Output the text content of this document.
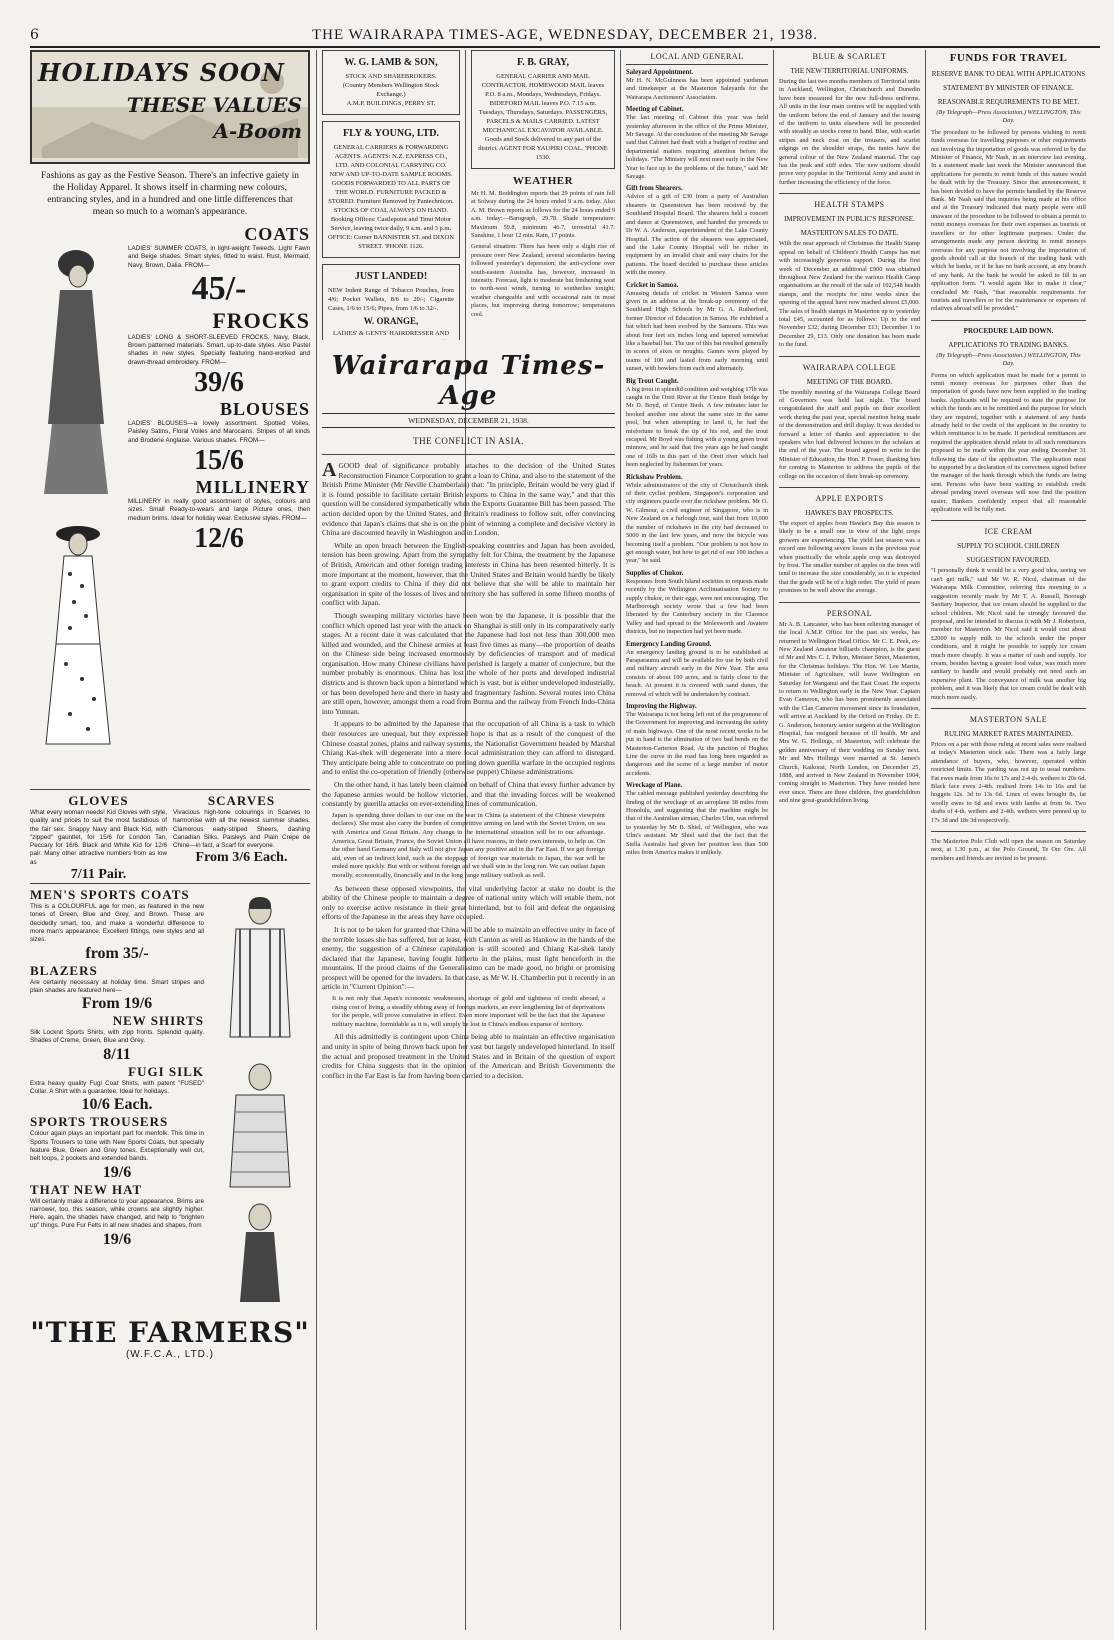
6	THE WAIRARAPA TIMES-AGE, WEDNESDAY, DECEMBER 21, 1938.
HOLIDAYS SOON
THESE VALUES A-Boom
Fashions as gay as the Festive Season. There's an infective gaiety in the Holiday Apparel. It shows itself in charming new colours, entrancing styles, and in a hundred and one little differences that mean so much to a woman's appearance.
COATS
LADIES' SUMMER COATS, in light-weight Tweeds. Light Fawn and Beige shades. Smart styles, fitted to waist. Rust, Mermaid, Navy, Brown, Dalia. FROM—
45/-
FROCKS
LADIES' LONG & SHORT-SLEEVED FROCKS, Navy, Black, Brown patterned materials. Smart, up-to-date styles. Also Pastel shades in new styles. Specially featuring hand-worked and drawn-thread embroidery. FROM—
39/6
BLOUSES
LADIES' BLOUSES—a lovely assortment. Spotted Voiles, Paisley Satins, Floral Voiles and Marocains. Stripes of all kinds and Broderie Anglaise. Various shades. FROM—
15/6
MILLINERY
MILLINERY in really good assortment of styles, colours and sizes. Small Ready-to-wears and large Picture ones, then medium brims. Ideal for holiday wear. Exclusive styles. FROM—
12/6
GLOVES
What every woman needs! Kid Gloves with style, quality and prices to suit the most fastidious of the fair sex. Snappy Navy and Black Kid, with "zipped" gauntlet, for 15/6 for London Tan, Peccary for 16/6. Black and White Kid for 12/6 pair. Many other attractive numbers from as low as
7/11 Pair.
SCARVES
Vivacious high-tone colourings in Scarves to harmonise with all the newest summer shades. Clamorous eady-striped Sheers, dashing Canadian Silks, Paisleys and Plain Crepe de Chine—in fact, a Scarf for everyone.
From 3/6 Each.
MEN'S SPORTS COATS
This is a COLOURFUL age for men, as featured in the new tones of Green, Blue and Grey, and Brown. These are decidedly smart, too, and make a wonderful difference to more man's appearance. Excellent fittings, new styles and all sizes.
from 35/-
BLAZERS
Are certainly necessary at holiday time. Smart stripes and plain shades are featured here—
From 19/6
NEW SHIRTS
Silk Locknit Sports Shirts, with zipp fronts. Splendid quality. Shades of Creme, Green, Blue and Grey.
8/11
FUGI SILK
Extra heavy quality Fugi Coat Shirts, with patent "FUSED" Collar. A Shirt with a guarantee. Ideal for holidays.
10/6 Each.
SPORTS TROUSERS
Colour again plays an important part for menfolk. This time in Sports Trousers to tone with New Sports Coats, but specially feature Blue, Green and Grey tones. Exceptionally well cut, belt loops, 2 pockets and extended bands.
19/6
THAT NEW HAT
Will certainly make a difference to your appearance. Brims are narrower, too, this season, while crowns are slightly higher. Here, again, the shades have changed, and help to "brighten up" things. Pure Fur Felts in all new shades and shapes, from
19/6
"THE FARMERS"
(W.F.C.A., LTD.)
W. G. LAMB & SON,
STOCK AND SHAREBROKERS.
(Country Members Wellington Stock Exchange.)
A.M.P. BUILDINGS, PERRY ST.
FLY & YOUNG, LTD.
GENERAL CARRIERS & FORWARDING AGENTS. AGENTS: N.Z. EXPRESS CO., LTD. AND COLONIAL CARRYING CO. NEW AND UP-TO-DATE SAMPLE ROOMS. GOODS FORWARDED TO ALL PARTS OF THE WORLD. FURNITURE PACKED & STORED. Furniture Removed by Pantechnicon. STOCKS OF COAL ALWAYS ON HAND. Booking Offices: Castlepoint and Tinui Motor Service, leaving twice daily, 9 a.m. and 3 p.m. OFFICE: Corner BANNISTER ST. and DIXON STREET. 'PHONE 1126.
JUST LANDED!
NEW Indent Range of Tobacco Pouches, from 4/6; Pocket Wallets, 8/6 to 20/-; Cigarette Cases, 1/6 to 15/6; Pipes, from 1/6 to 32/-.
W. ORANGE,
LADIES' & GENTS' HAIRDRESSER AND
F. B. GRAY,
GENERAL CARRIER AND MAIL CONTRACTOR. HOMEWOOD MAIL leaves P.O. 8 a.m., Mondays, Wednesdays, Fridays. BIDEFORD MAIL leaves P.O. 7.15 a.m. Tuesdays, Thursdays, Saturdays. PASSENGERS, PARCELS & MAILS CARRIED. LATEST MECHANICAL EXCAVATOR AVAILABLE. Goods and Stock delivered to any part of the district. AGENT FOR YAUPIRI COAL. 'PHONE 1530.
WEATHER

Mr H. M. Boddington reports that 29 points of rain fell at Solway during the 24 hours ended 9 a.m. today. Also A. M. Brown reports as follows for the 24 hours ended 9 a.m. today:—Barograph, 29.78. Shade temperature: Maximum 59.8, minimum 46.7, terrestrial 41.7. Sunshine, 1 hour 12 min. Rain, 17 points.

General situation: There has been only a slight rise of pressure over New Zealand; several secondaries having followed yesterday's depression; the anti-cyclone over south-eastern Australia has, however, increased in intensity. Forecast, light to moderate but freshening west to north-west winds, turning to southerlies tonight; weather changeable and with occasional rain in most places, but improving during tomorrow; temperatures cool.

Wairarapa Times-Age
WEDNESDAY, DECEMBER 21, 1938.
THE CONFLICT IN ASIA.

AGOOD deal of significance probably attaches to the decision of the United States Reconstruction Finance Corporation to grant a loan to China, and also to the statement of the British Prime Minister (Mr Neville Chamberlain) that: "In principle, Britain would be very glad if it is found possible to facilitate certain British exports to China in the same way," and that this question will be considered sympathetically when the Exports Guarantee Bill has been passed. The action decided upon by the United States, and Britain's readiness to follow suit, offer convincing evidence that Japan's claims that she is on the point of winning a complete and decisive victory in China are discounted heavily in Washington and in London.

While an open breach between the English-speaking countries and Japan has been avoided, tension has been growing. Apart from the sympathy felt for China, the treatment by the Japanese of British, American and other foreign trading interests in China has been resented bitterly. It is more important at the moment, however, that the United States and Britain would hardly be likely to grant export credits to China if they did not believe that she will be able to maintain her organisation in spite of the losses of lives and territory she has suffered in some fifteen months of conflict with Japan.

Though sweeping military victories have been won by the Japanese, it is possible that the conflict which opened last year with the attack on Shanghai is still only in its comparatively early stages. At a recent date it was calculated that the Japanese had lost not less than 300,000 men killed and wounded, and the Chinese armies at least five times as many—the proportion of deaths on the Chinese side being increased enormously by deficiencies of transport and of medical organisation. How many Chinese civilians have perished is largely a matter of conjecture, but the number probably is enormous. China has lost the whole of her ports and developed industrial districts and is thrown back upon a hinterland which is vast, but is either undeveloped industrially, or has been developed here and there in hasty and fragmentary fashion. Several routes into China are still open, however, amongst them a road from Burma and the railway from French Indo-China into Yunnan.

It appears to be admitted by the Japanese that the occupation of all China is a task to which their resources are unequal, but they expressed hope is that as a result of the conquest of the Chinese coastal zones, plains and railway systems, the Nationalist Government headed by Marshal Chiang Kai-shek will degenerate into a mere local administration they can afford to disregard. They anticipate being able to concentrate on putting down guerilla warfare in the occupied regions and to enlist the co-operation of friendly (otherwise puppet) Chinese administrations.

On the other hand, it has lately been claimed on behalf of China that every further advance by the Japanese armies would be hollow victories, and that the invading forces will be weakened constantly by guerilla attacks on ever-extending lines of communication.

Japan is spending three dollars to our one on the war in China (a statement of the Chinese viewpoint declares). She must also carry the burden of competitive arming on land with the Soviet Union, on sea with America and Great Britain. Any change in the international situation will be to our advantage. America, Great Britain, France, the Soviet Union all have reasons, in their own interests, to help us. On the other hand Germany and Italy will not give Japan any positive aid in the Far East. If we get foreign aid, even of an indirect kind, such as the stoppage of foreign war materials to Japan, the war will be ended more quickly. But with or without foreign aid we shall win in the long run. We can outlast Japan morally, economically, financially and in the long range military outlook as well.

As between these opposed viewpoints, the vital underlying factor at stake no doubt is the ability of the Chinese people to maintain a degree of national unity which will enable them, not only to exercise active resistance in their great hinterland, but to foil and defeat the organising efforts of the Japanese in the areas they have occupied.

It is not to be taken for granted that China will be able to maintain an effective unity in face of the terrible losses she has suffered, but at least, with Canton as well as Hankow in the hands of the enemy, the suggestion of a Chinese capitulation is still scouted and Chiang Kai-shek lately declared that the Japanese, having fought hitherto in the plains, must fight henceforth in the mountains. If the proud claims of the Generalissimo can be made good, no bright or promising prospect will be opened for the invaders. In that case, as Mr W. H. Chamberlin put it recently in an article in "Current Opinion":—

It is not only that Japan's economic weaknesses, shortage of gold and tightness of credit abroad, a rising cost of living, a steadily ebbing away of foreign markets, an ever lengthening list of deprivations for the people, will prove cumulative in effect. Even more important will be the fact that the Japanese military machine, formidable as it is, will simply be lost in China's endless expanse of territory.

All this admittedly is contingent upon China being able to maintain an effective organisation and unity in spite of being thrown back upon her vast but largely undeveloped hinterland. In itself the actual and proposed treatment in the United States and in Britain of the question of export credits for China suggests that in the opinion of the American and British Governments the conflict in the Far East is far from having been carried to a decision.

LOCAL AND GENERAL
Saleyard Appointment.

Mr H. N. McGuinness has been appointed yardsman and timekeeper at the Masterton Saleyards for the Wairarapa Auctioneers' Association.

Meeting of Cabinet.

The last meeting of Cabinet this year was held yesterday afternoon in the office of the Prime Minister, Mr Savage. At the conclusion of the meeting Mr Savage said that Cabinet had dealt with a budget of routine and departmental matters requiring attention before the holidays. "The Ministry will next meet early in the New Year to face up to the problems of the future," said Mr Savage.

Gift from Shearers.

Advice of a gift of £30 from a party of Australian shearers in Queenstown has been received by the Southland Hospital Board. The shearers held a concert and dance at Queenstown, and handed the proceeds to Dr W. A. Anderson, superintendent of the Lake County Hospital. The action of the shearers was appreciated, and the Lake County Hospital will be richer in equipment by an invalid chair and easy chairs for the patients. The board decided to purchase these articles with the money.

Cricket in Samoa.

Amusing details of cricket in Western Samoa were given in an address at the break-up ceremony of the Southland High Schools by Mr G. A. Rutherford, former Director of Education in Samoa. He exhibited a bat which had been evolved by the Samoans. This was about four feet six inches long and tapered somewhat like a baseball bat. The use of this bat resulted generally in scores of sixes or noughts. Games were played by teams of 100 and lasted from early morning until sunset, with bowlers from each end alternately.

Big Trout Caught.

A big trout in splendid condition and weighing 17lb was caught in the Oreti River at the Centre Bush bridge by Mr D. Boyd, of Centre Bush. A few minutes later he hooked another one about the same size in the same pool, but when attempting to land it, he had the misfortune to break the tip of his rod, and the trout escaped. Mr Boyd was fishing with a young green trout minnow, and he said that five years ago he had caught one of 16lb in this part of the Oreti river which had been neglected by fishermen for years.

Rickshaw Problem.

While administrators of the city of Christchurch think of their cyclist problem, Singapore's corporation and city engineers puzzle over the rickshaw problem. Mr O. W. Gilmour, a civil engineer of Singapore, who is in New Zealand on a furlough tour, said that from 10,000 the number of rickshaws in the city had decreased to 5000 in the last few years, and now the bicycle was becoming itself a problem. "Our problem is not how to get enough water, but how to get rid of our 100 inches a year," he said.

Supplies of Chukor.

Responses from South Island societies to requests made recently by the Wellington Acclimatisation Society to supply chukor, or their eggs, were not encouraging. The Marlborough society wrote that a few had been liberated by the Canterbury society in the Clarence Valley and had spread to the Molesworth and Awatere districts, but no inspection had yet been made.

Emergency Landing Ground.

An emergency landing ground is to be established at Paraparaumu and will be available for use by both civil and military aircraft early in the New Year. The area consists of about 100 acres, and is fairly close to the beach. At present it is covered with sand dunes, the removal of which will be undertaken by contract.

Improving the Highway.

The Wairarapa is not being left out of the programme of the Government for improving and increasing the safety of main highways. One of the most recent works to be put in hand is the elimination of two bad bends on the Masterton-Carterton Road. At the junction of Hughes Line the curve in the road has long been regarded as dangerous and the scene of a large number of motor accidents.

Wreckage of Plane.

The cabled message published yesterday describing the finding of the wreckage of an aeroplane 38 miles from Honolulu, and suggesting that the machine might be that of the Australian airman, Charles Ulm, was referred to yesterday by Mr B. Shiel, of Wellington, who was Ulm's assistant. Mr Shiel said that the fact that the Stella Australis had given her position less than 500 miles from America makes it unlikely.

BLUE & SCARLET
THE NEW TERRITORIAL UNIFORMS.

During the last two months members of Territorial units in Auckland, Wellington, Christchurch and Dunedin have been measured for the new full-dress uniforms. All units in the four main centres will be supplied with the uniform before the end of January and the issuing of the uniform to units elsewhere will be proceeded with steadily as stocks come to hand. Blue, with scarlet stripes and neck coat on the trousers, and scarlet edgings on the shoulder straps, the tunics have the general colour of the New Zealand material. The cap has the peak and stiff sides. The new uniform should prove very popular in the Territorial Army and assist in further increasing the efficiency of the force.

HEALTH STAMPS
IMPROVEMENT IN PUBLIC'S RESPONSE.
MASTERTON SALES TO DATE.

With the near approach of Christmas the Health Stamp appeal on behalf of Children's Health Camps has met with increasingly generous support. During the first week of December an additional £900 was obtained throughout New Zealand for the various Health Camp organisations as the result of the sale of 102,548 health stamps, and the receipts for nine weeks since the opening of the appeal have now reached almost £5,000. The sales of health stamps in Masterton up to yesterday total £45, accounted for as follows: Up to the end November £32; during December £13; December 1 to December 29, £13. Only one donation has been made to the fund.

WAIRARAPA COLLEGE
MEETING OF THE BOARD.

The monthly meeting of the Wairarapa College Board of Governors was held last night. The board congratulated the staff and pupils on their excellent work during the past year, special mention being made of the demonstration and drill display. It was decided to forward a letter of thanks and appreciation to the speakers who had delivered lectures to the scholars at the end of the year. The board agreed to write to the Minister of Education, the Hon. P. Fraser, thanking him for coming to Masterton to address the pupils of the college on the occasion of their break-up ceremony.

APPLE EXPORTS
HAWKE'S BAY PROSPECTS.

The export of apples from Hawke's Bay this season is likely to be a small one in view of the light crops growers are experiencing. The yield last season was a record one following severe losses in the previous year when practically the whole apple crop was destroyed by frost. The smaller number of apples on the trees will tend to increase the size considerably, so it is expected that the grade will be of a high order. The yield of pears promises to be well above the average.

PERSONAL

Mr A. B. Lancaster, who has been relieving manager of the local A.M.P. Office for the past six weeks, has returned to Wellington Head Office. Mr C. E. Peek, ex-New Zealand Amateur billiards champion, is the guest of Mr and Mrs C. J. Pelton, Minister Street, Masterton, for the Christmas holidays. The Hon. W. Lee Martin, Minister of Agriculture, will leave Wellington on Saturday for Wanganui and the East Coast. He expects to return to Wellington early in the New Year. Captain Evan Cameron, who has been prominently associated with the Clan Cameron movement since its foundation, will arrive at Auckland by the Orford on Friday. Dr E. G. Anderson, honorary senior surgeon at the Wellington Hospital, has resigned because of ill health. Mr and Mrs W. G. Hollings, of Masterton, will celebrate the golden anniversary of their wedding on Sunday next. Mr and Mrs Hollings were married at St. James's Church, Kaikorai, North London, on December 25, 1888, and arrived in New Zealand in November 1904, coming straight to Masterton. They have resided here ever since. There are three children, five grandchildren and nine great-grandchildren living.

FUNDS FOR TRAVEL
RESERVE BANK TO DEAL WITH APPLICATIONS
STATEMENT BY MINISTER OF FINANCE.
REASONABLE REQUIREMENTS TO BE MET.
(By Telegraph—Press Association.) WELLINGTON, This Day.

The procedure to be followed by persons wishing to remit funds overseas for travelling purposes or other requirements not involving the importation of goods was referred to by the Minister of Finance, Mr Nash, in an interview last evening. In a statement made last week the Minister announced that applications for permits to remit funds of this nature would be dealt with by the Treasury. Since that announcement, it has been decided to have the permits handled by the Reserve Bank. Mr Nash said that inquiries being made at his office and at the Treasury indicated that many people were still unaware of the procedure to be followed to obtain a permit to remit moneys overseas for their own expenses as tourists or travellers or for other legitimate purposes. Under the arrangements made any person desiring to remit moneys overseas for any purpose not involving the importation of goods should call at the branch of the trading bank with which he banks, or if he has no bank account, at any branch of any bank. At the bank he would be asked to fill in an application form. "I would again like to make it clear," concluded Mr Nash, "that reasonable requirements for tourists and travellers or for the maintenance or expenses of relatives abroad will be provided."

PROCEDURE LAID DOWN.
APPLICATIONS TO TRADING BANKS.
(By Telegraph—Press Association.) WELLINGTON, This Day.

Forms on which application must be made for a permit to remit money overseas for purposes other than the importation of goods have now been supplied to the trading banks. Applicants will be required to state the purpose for which the funds are to be remitted and the purpose for which they are required, together with a statement of any funds already held to the credit of the applicant in the country to which remittance is to be made. If periodical remittances are required the application should relate to all such remittances proposed to be made within the year ending December 31 following the date of the application. The application must be supported by a declaration of its correctness signed before the manager of the bank through which the funds are being sent. Persons who have been waiting to establish credit abroad pending travel overseas will now find the position easier. Bankers confidently expect that all reasonable applications will be fully met.

ICE CREAM
SUPPLY TO SCHOOL CHILDREN
SUGGESTION FAVOURED.

"I personally think it would be a very good idea, seeing we can't get milk," said Mr W. R. Nicol, chairman of the Wairarapa Milk Committee, referring this morning to a suggestion recently made by Mr T. A. Russell, Borough Sanitary Inspector, that ice cream should be supplied to the school children. Mr Nicol said he strongly favoured the proposal, and he intended to discuss it with Mr J. Robertson, member for Masterton. Mr Nicol said it would cost about £2000 to supply milk to the schools under the proper conditions, and it might be possible to supply ice cream much more cheaply. It was a matter of cash and supply. Ice cream, besides having a greater food value, was much more sanitary to handle and would probably not need such an expensive plant. The conveyance of milk was another big problem, and it was likely that ice cream could be dealt with much more easily.

MASTERTON SALE
RULING MARKET RATES MAINTAINED.

Prices on a par with those ruling at recent sales were realised at today's Masterton stock sale. There was a fairly large attendance of buyers, who, however, operated within restricted limits. The yarding was not up to usual numbers. Fat ewes made from 16s to 17s and 2-4-th. wethers to 20s 6d. Black face ewes 2-4th. realised from 14s to 16s and fat hoggets 12s. 3d to 13s 6d. Lines of ewes brought 8s, fat woolly ewes to 6d and ewes with lambs at from 9s. Two drafts of 4-th. wethers and 2-4th. wethers were penned up to 17s 3d and 18s 3d respectively.

The Masterton Polo Club will open the season on Saturday next, at 1.30 p.m., at the Polo Ground, Te Ore Ore. All members and friends are invited to be present.
